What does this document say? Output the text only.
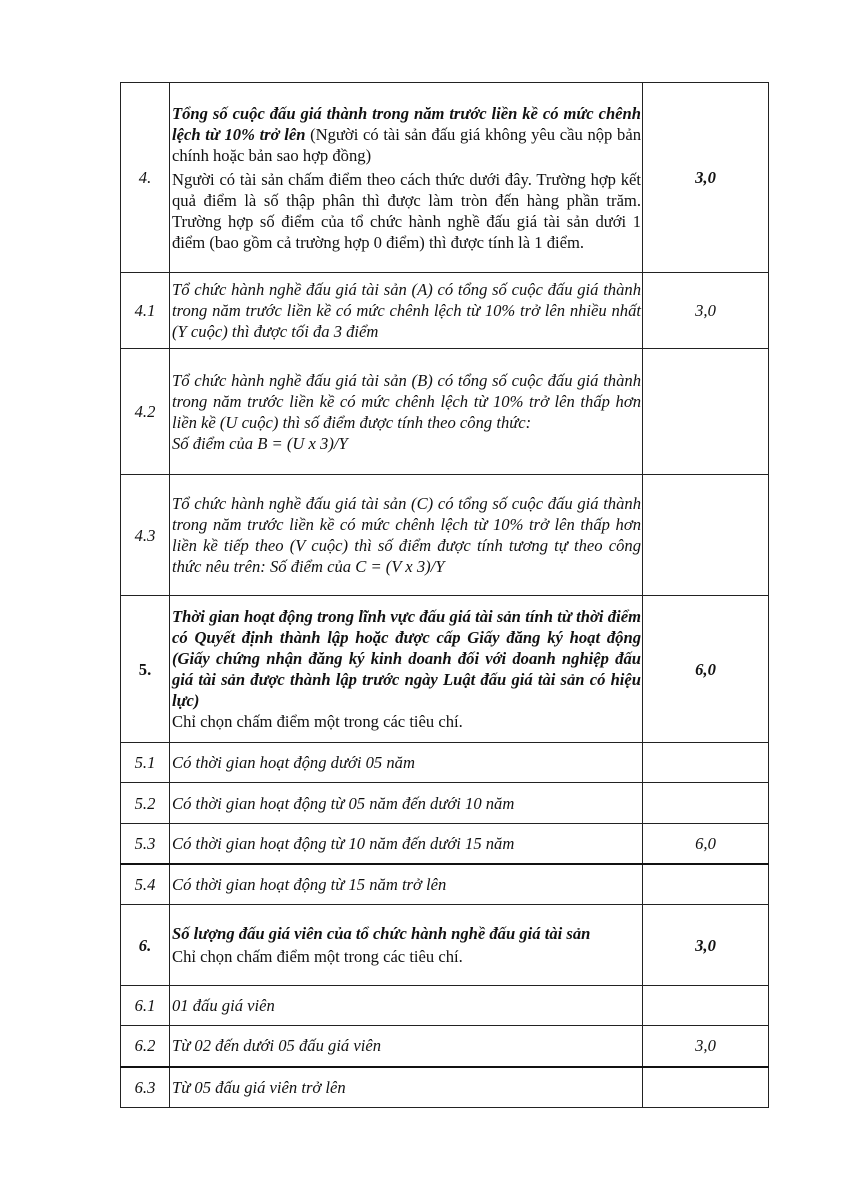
4.	Tổng số cuộc đấu giá thành trong năm trước liền kề có mức chênh lệch từ 10% trở lên (Người có tài sản đấu giá không yêu cầu nộp bản chính hoặc bản sao hợp đồng)
Người có tài sản chấm điểm theo cách thức dưới đây. Trường hợp kết quả điểm là số thập phân thì được làm tròn đến hàng phần trăm. Trường hợp số điểm của tổ chức hành nghề đấu giá tài sản dưới 1 điểm (bao gồm cả trường hợp 0 điểm) thì được tính là 1 điểm.	3,0
4.1	Tổ chức hành nghề đấu giá tài sản (A) có tổng số cuộc đấu giá thành trong năm trước liền kề có mức chênh lệch từ 10% trở lên nhiều nhất (Y cuộc) thì được tối đa 3 điểm	3,0
4.2	Tổ chức hành nghề đấu giá tài sản (B) có tổng số cuộc đấu giá thành trong năm trước liền kề có mức chênh lệch từ 10% trở lên thấp hơn liền kề (U cuộc) thì số điểm được tính theo công thức:
Số điểm của B = (U x 3)/Y	

4.3	Tổ chức hành nghề đấu giá tài sản (C) có tổng số cuộc đấu giá thành trong năm trước liền kề có mức chênh lệch từ 10% trở lên thấp hơn liền kề tiếp theo (V cuộc) thì số điểm được tính tương tự theo công thức nêu trên: Số điểm của C = (V x 3)/Y	
5.	Thời gian hoạt động trong lĩnh vực đấu giá tài sản tính từ thời điểm có Quyết định thành lập hoặc được cấp Giấy đăng ký hoạt động (Giấy chứng nhận đăng ký kinh doanh đối với doanh nghiệp đấu giá tài sản được thành lập trước ngày Luật đấu giá tài sản có hiệu lực)
Chỉ chọn chấm điểm một trong các tiêu chí.	6,0
5.1	Có thời gian hoạt động dưới 05 năm	
5.2	Có thời gian hoạt động từ 05 năm đến dưới 10 năm	
5.3	Có thời gian hoạt động từ 10 năm đến dưới 15 năm	6,0
5.4	Có thời gian hoạt động từ 15 năm trở lên	
6.	Số lượng đấu giá viên của tổ chức hành nghề đấu giá tài sản
Chỉ chọn chấm điểm một trong các tiêu chí.	3,0
6.1	01 đấu giá viên	
6.2	Từ 02 đến dưới 05 đấu giá viên	3,0
6.3	Từ 05 đấu giá viên trở lên	
